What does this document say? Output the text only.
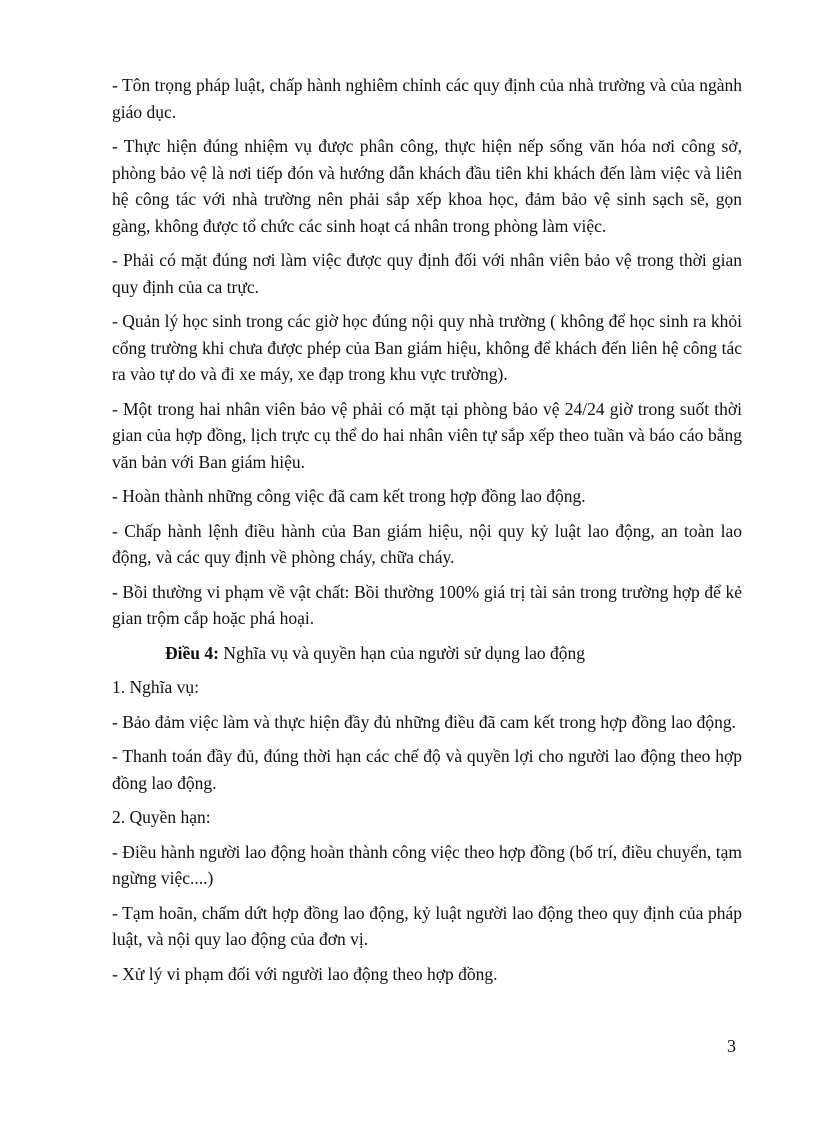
- Tôn trọng pháp luật, chấp hành nghiêm chỉnh các quy định của nhà trường và của ngành giáo dục.

- Thực hiện đúng nhiệm vụ được phân công, thực hiện nếp sống văn hóa nơi công sở, phòng bảo vệ là nơi tiếp đón và hướng dẫn khách đầu tiên khi khách đến làm việc và liên hệ công tác với nhà trường nên phải sắp xếp khoa học, đảm bảo vệ sinh sạch sẽ, gọn gàng, không được tổ chức các sinh hoạt cá nhân trong phòng làm việc.

- Phải có mặt đúng nơi làm việc được quy định đối với nhân viên bảo vệ trong thời gian quy định của ca trực.

- Quản lý học sinh trong các giờ học đúng nội quy nhà trường ( không để học sinh ra khỏi cổng trường khi chưa được phép của Ban giám hiệu, không để khách đến liên hệ công tác ra vào tự do và đi xe máy, xe đạp trong khu vực trường).

- Một trong hai nhân viên bảo vệ phải có mặt tại phòng bảo vệ 24/24 giờ trong suốt thời gian của hợp đồng, lịch trực cụ thể do hai nhân viên tự sắp xếp theo tuần và báo cáo bằng văn bản với Ban giám hiệu.

- Hoàn thành những công việc đã cam kết trong hợp đồng lao động.

- Chấp hành lệnh điều hành của Ban giám hiệu, nội quy kỷ luật lao động, an toàn lao động, và các quy định về phòng cháy, chữa cháy.

- Bồi thường vi phạm về vật chất: Bồi thường 100% giá trị tài sản trong trường hợp để kẻ gian trộm cắp hoặc phá hoại.

Điều 4: Nghĩa vụ và quyền hạn của người sử dụng lao động

1. Nghĩa vụ:

- Bảo đảm việc làm và thực hiện đầy đủ những điều đã cam kết trong hợp đồng lao động.

- Thanh toán đầy đủ, đúng thời hạn các chế độ và quyền lợi cho người lao động theo hợp đồng lao động.

2. Quyền hạn:

- Điều hành người lao động hoàn thành công việc theo hợp đồng (bố trí, điều chuyển, tạm ngừng việc....)

- Tạm hoãn, chấm dứt hợp đồng lao động, kỷ luật người lao động theo quy định của pháp luật, và nội quy lao động của đơn vị.

- Xử lý vi phạm đối với người lao động theo hợp đồng.

3
